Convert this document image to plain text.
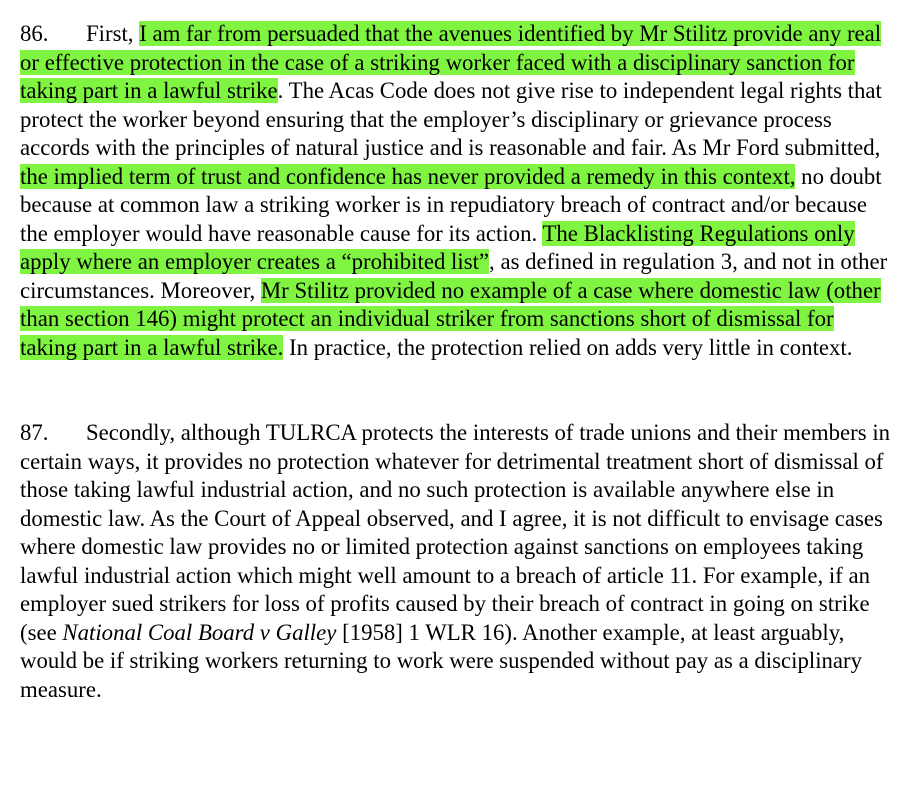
86. First, I am far from persuaded that the avenues identified by Mr Stilitz provide any real or effective protection in the case of a striking worker faced with a disciplinary sanction for taking part in a lawful strike. The Acas Code does not give rise to independent legal rights that protect the worker beyond ensuring that the employer’s disciplinary or grievance process accords with the principles of natural justice and is reasonable and fair. As Mr Ford submitted, the implied term of trust and confidence has never provided a remedy in this context, no doubt because at common law a striking worker is in repudiatory breach of contract and/or because the employer would have reasonable cause for its action. The Blacklisting Regulations only apply where an employer creates a “prohibited list”, as defined in regulation 3, and not in other circumstances. Moreover, Mr Stilitz provided no example of a case where domestic law (other than section 146) might protect an individual striker from sanctions short of dismissal for taking part in a lawful strike. In practice, the protection relied on adds very little in context.

87. Secondly, although TULRCA protects the interests of trade unions and their members in certain ways, it provides no protection whatever for detrimental treatment short of dismissal of those taking lawful industrial action, and no such protection is available anywhere else in domestic law. As the Court of Appeal observed, and I agree, it is not difficult to envisage cases where domestic law provides no or limited protection against sanctions on employees taking lawful industrial action which might well amount to a breach of article 11. For example, if an employer sued strikers for loss of profits caused by their breach of contract in going on strike (see National Coal Board v Galley [1958] 1 WLR 16). Another example, at least arguably, would be if striking workers returning to work were suspended without pay as a disciplinary measure.
